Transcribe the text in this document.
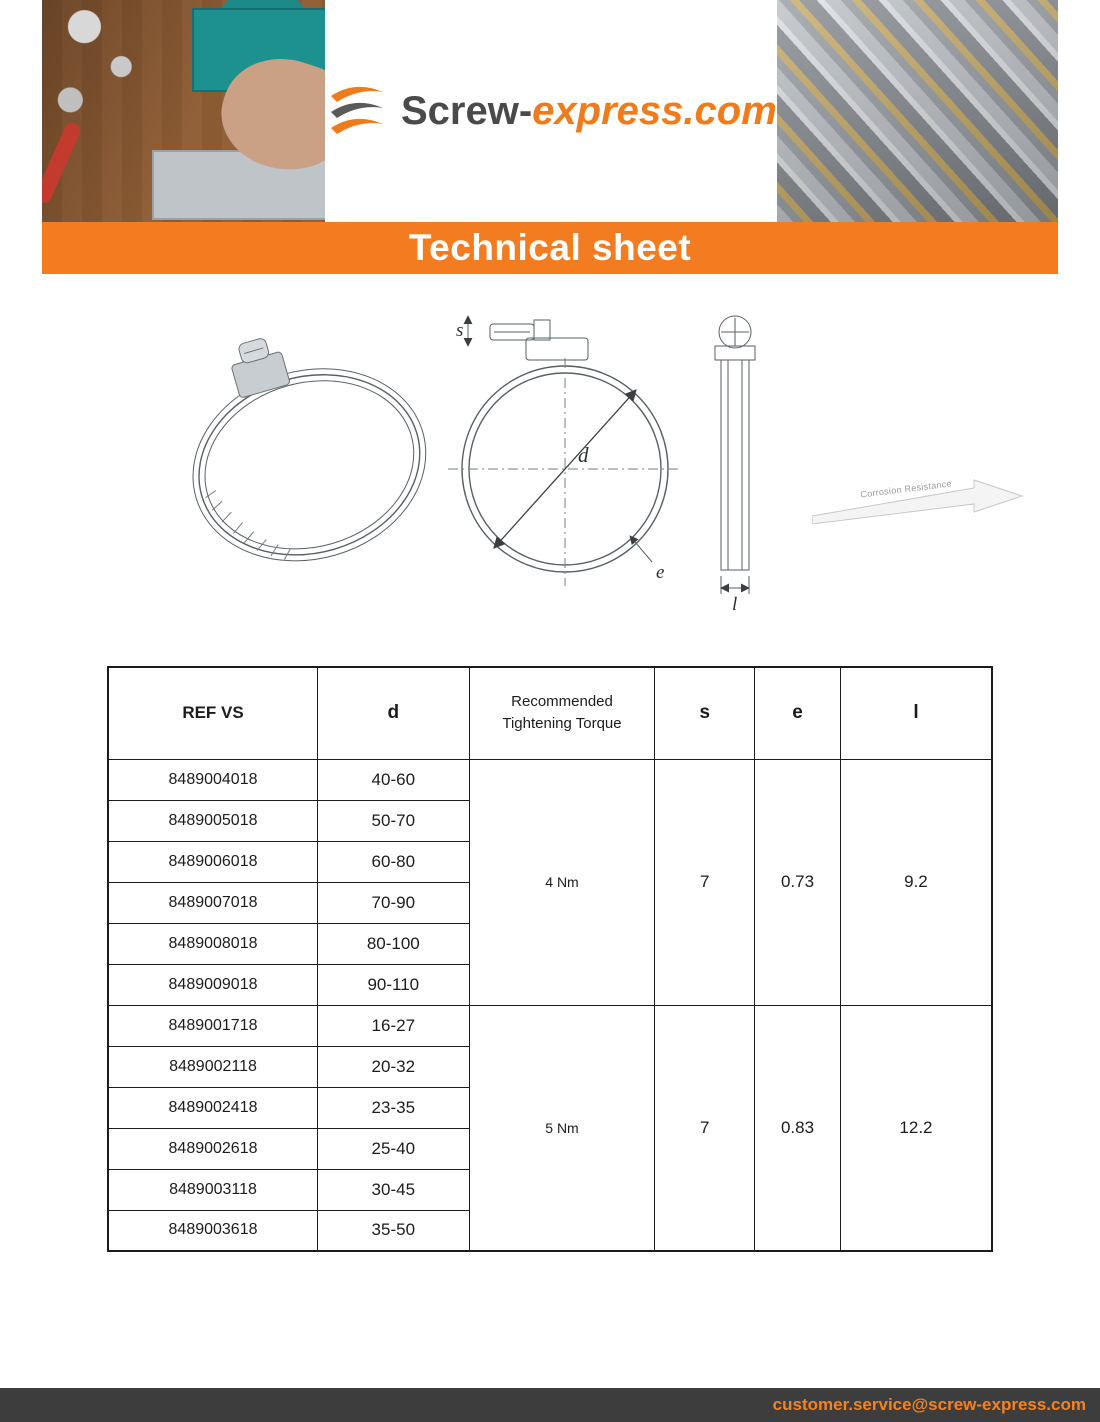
Screw-express.com
Technical sheet
s
d
e
l
Corrosion Resistance
W1	W2	W4	W5
REF VS	d	Recommended Tightening Torque	s	e	l
8489004018	40-60	4 Nm	7	0.73	9.2
8489005018	50-70				
8489006018	60-80				
8489007018	70-90				
8489008018	80-100				
8489009018	90-110				
8489001718	16-27	5 Nm	7	0.83	12.2
8489002118	20-32				
8489002418	23-35				
8489002618	25-40				
8489003118	30-45				
8489003618	35-50				
customer.service@screw-express.com
